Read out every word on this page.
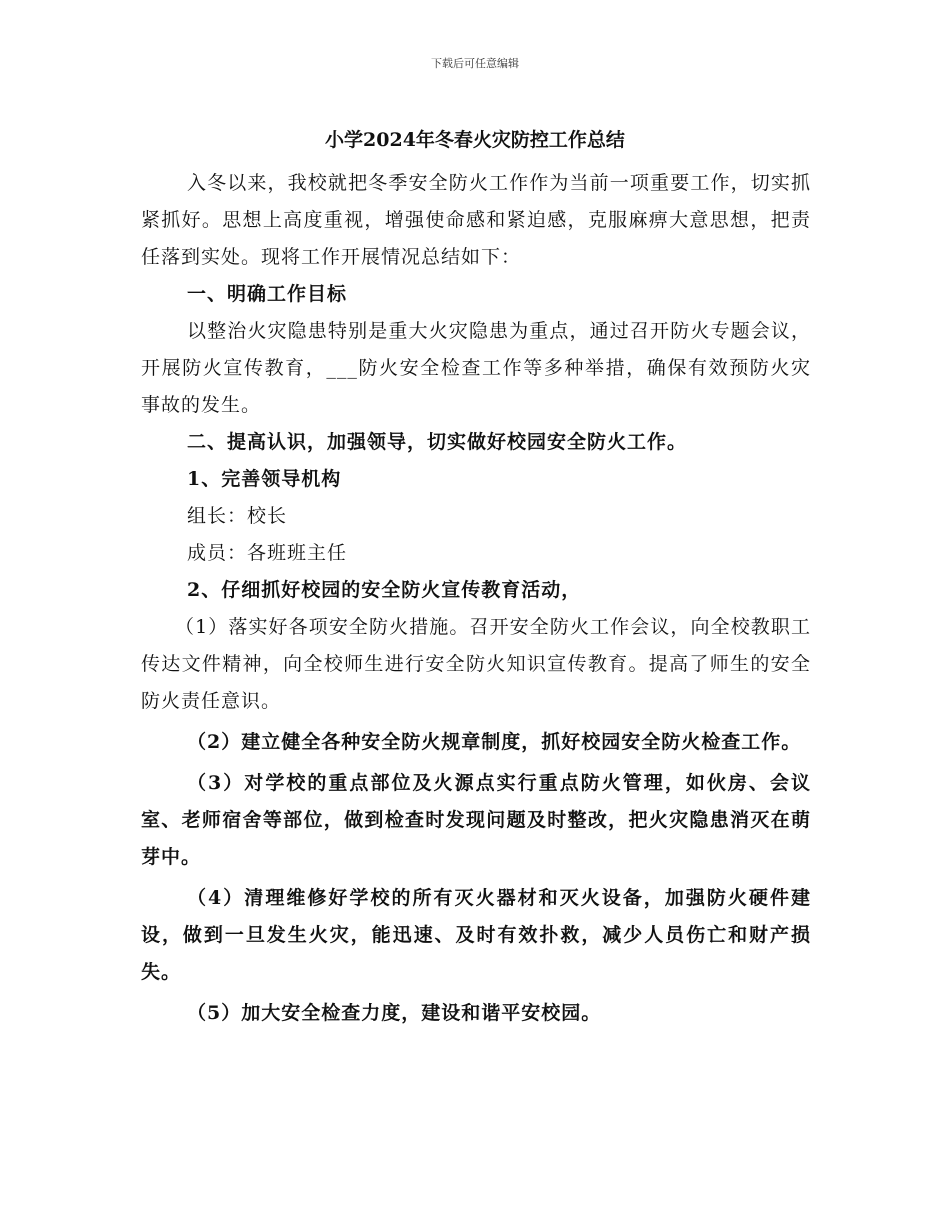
下载后可任意编辑
小学2024年冬春火灾防控工作总结

入冬以来，我校就把冬季安全防火工作作为当前一项重要工作，切实抓紧抓好。思想上高度重视，增强使命感和紧迫感，克服麻痹大意思想，把责任落到实处。现将工作开展情况总结如下：

一、明确工作目标

以整治火灾隐患特别是重大火灾隐患为重点，通过召开防火专题会议，开展防火宣传教育，___防火安全检查工作等多种举措，确保有效预防火灾事故的发生。

二、提高认识，加强领导，切实做好校园安全防火工作。

1、完善领导机构

组长：校长

成员：各班班主任

2、仔细抓好校园的安全防火宣传教育活动，

（1）落实好各项安全防火措施。召开安全防火工作会议，向全校教职工传达文件精神，向全校师生进行安全防火知识宣传教育。提高了师生的安全防火责任意识。

（2）建立健全各种安全防火规章制度，抓好校园安全防火检查工作。

（3）对学校的重点部位及火源点实行重点防火管理，如伙房、会议室、老师宿舍等部位，做到检查时发现问题及时整改，把火灾隐患消灭在萌芽中。

（4）清理维修好学校的所有灭火器材和灭火设备，加强防火硬件建设，做到一旦发生火灾，能迅速、及时有效扑救，减少人员伤亡和财产损失。

（5）加大安全检查力度，建设和谐平安校园。
